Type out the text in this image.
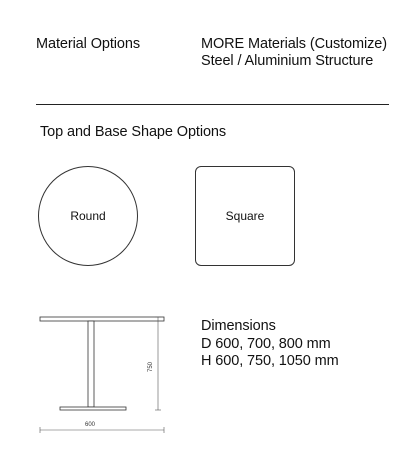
Material Options	MORE Materials (Customize)
Steel / Aluminium Structure
Top and Base Shape Options
Round	Square
750
600
Dimensions
D 600, 700, 800 mm
H 600, 750, 1050 mm
